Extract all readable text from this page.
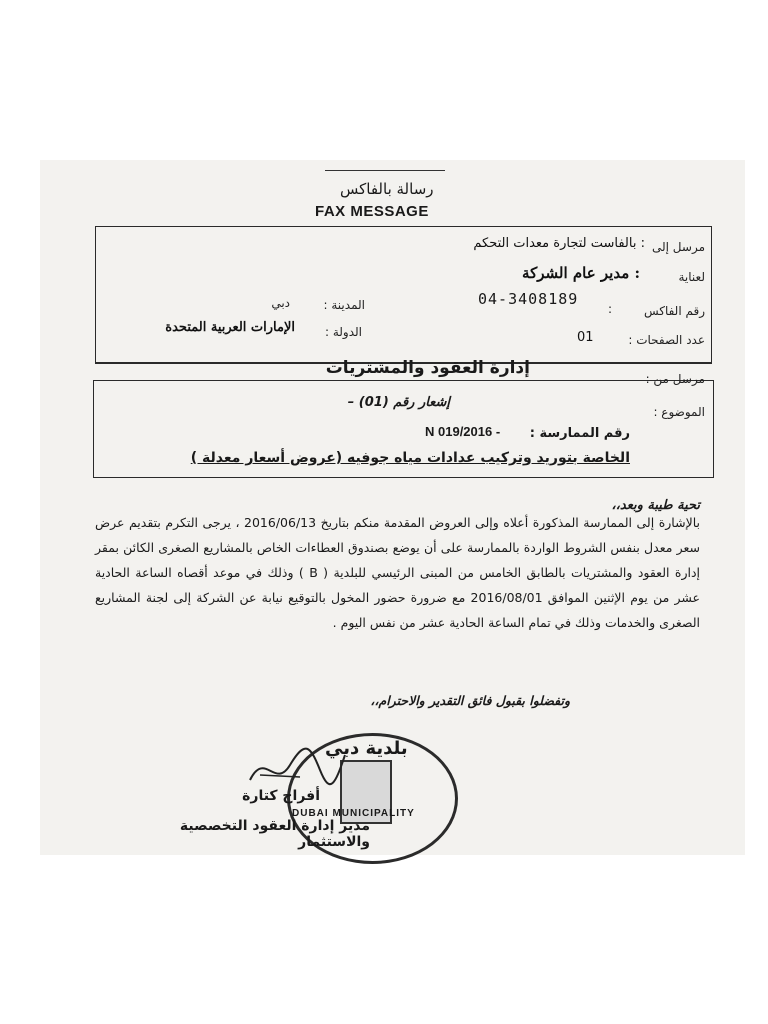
رسالة بالفاكس
FAX MESSAGE
مرسل إلى
: بالفاست لتجارة معدات التحكم
لعناية
: مدير عام الشركة
رقم الفاكس
:
04-3408189
المدينة :
دبي
عدد الصفحات :
01
الدولة :
الإمارات العربية المتحدة
مرسل من :
إدارة العقود والمشتريات
الموضوع :
إشعار رقم (01) –
رقم الممارسة :
N 019/2016 -
الخاصة بتوريد وتركيب عدادات مياه جوفيه (عروض أسعار معدلة )
تحية طيبة وبعد،،
بالإشارة إلى الممارسة المذكورة أعلاه وإلى العروض المقدمة منكم بتاريخ 2016/06/13 ، يرجى التكرم بتقديم عرض سعر معدل بنفس الشروط الواردة بالممارسة على أن يوضع بصندوق العطاءات الخاص بالمشاريع الصغرى الكائن بمقر إدارة العقود والمشتريات بالطابق الخامس من المبنى الرئيسي للبلدية ( B ) وذلك في موعد أقصاه الساعة الحادية عشر من يوم الإثنين الموافق 2016/08/01 مع ضرورة حضور المخول بالتوقيع نيابة عن الشركة إلى لجنة المشاريع الصغرى والخدمات وذلك في تمام الساعة الحادية عشر من نفس اليوم .
وتفضلوا بقبول فائق التقدير والاحترام،،
بلدية دبي
DUBAI MUNICIPALITY
أفراح كتارة
مدير إدارة العقود التخصصية والاستثمار
